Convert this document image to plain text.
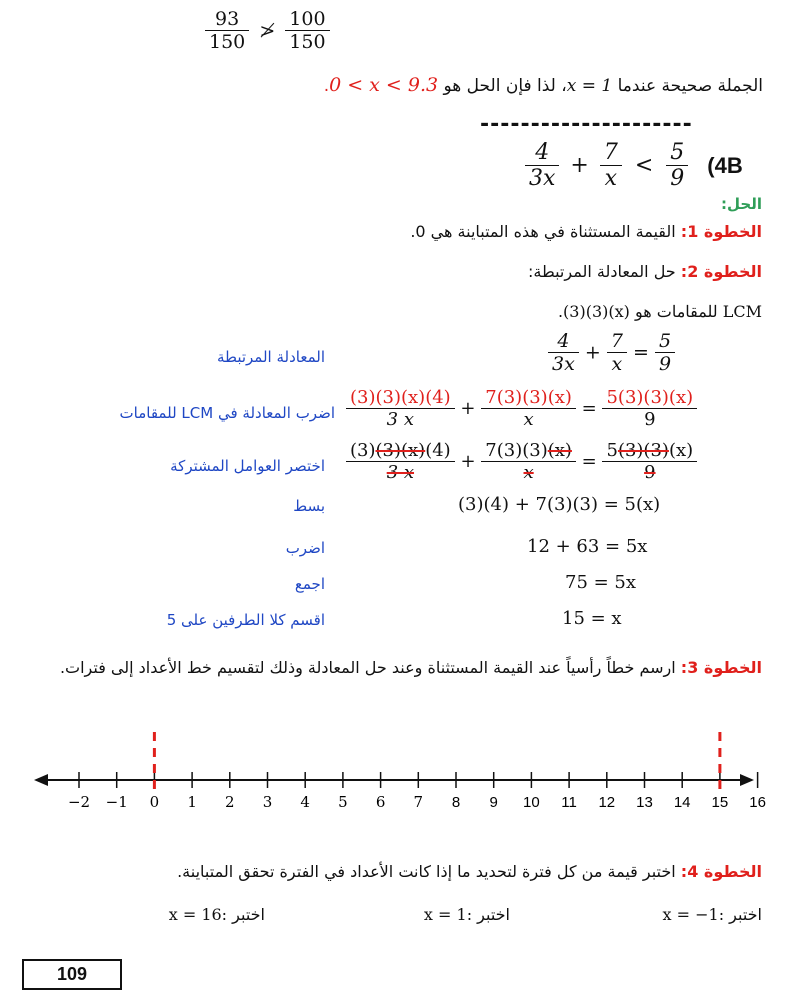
$\frac{93}{150}$ ≯ $\frac{100}{150}$
الجملة صحيحة عندما x = 1، لذا فإن الحل هو 0 < x < 9.3.
---------------------
$\frac{4}{3x} + \frac{7}{x} < \frac{5}{9} (4B$
الحل:
الخطوة 1: القيمة المستثناة في هذه المتباينة هي 0.
الخطوة 2: حل المعادلة المرتبطة:
LCM للمقامات هو (3)(3)(x).
المعادلة المرتبطة
اضرب المعادلة في LCM للمقامات
اختصر العوامل المشتركة
بسط
اضرب
اجمع
اقسم كلا الطرفين على 5
$\frac{4}{3x} + \frac{7}{x} = \frac{5}{9}$
$\frac{(3)(3)(x)(4)}{3 x} + \frac{7(3)(3)(x)}{x} = \frac{5(3)(3)(x)}{9}$
$\frac{(3)(3)(x)(4)}{3 x} + \frac{7(3)(3)(x)}{x} = \frac{5(3)(3)(x)}{9}$
(3)(4) + 7(3)(3) = 5(x)
12 + 63 = 5x
75 = 5x
15 = x
الخطوة 3: ارسم خطاً رأسياً عند القيمة المستثناة وعند حل المعادلة وذلك لتقسيم خط الأعداد إلى فترات.
−2 −1 0 1 2 3 4 5 6 7 8 9 10 11 12 13 14 15 16
الخطوة 4: اختبر قيمة من كل فترة لتحديد ما إذا كانت الأعداد في الفترة تحقق المتباينة.
اختبر x = −1:
اختبر x = 1:
اختبر x = 16:
109
